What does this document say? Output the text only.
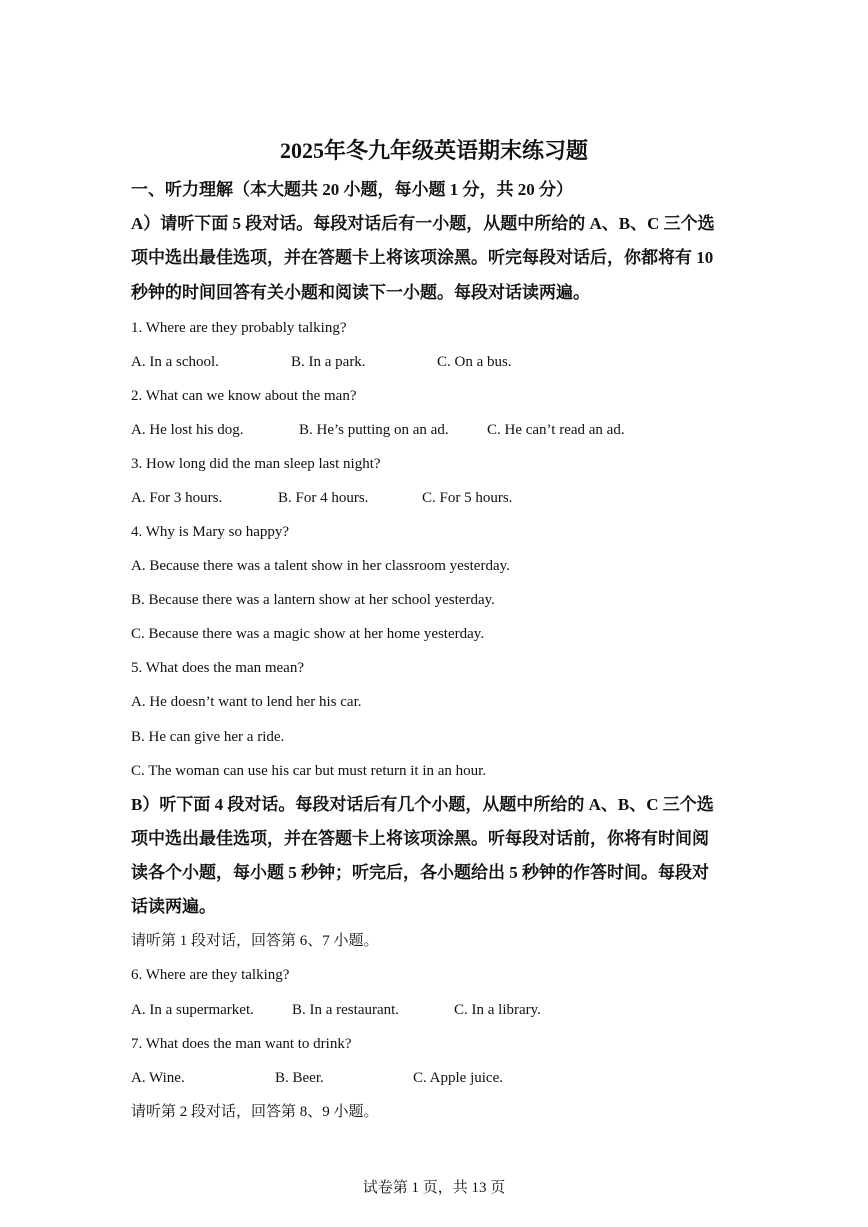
2025年冬九年级英语期末练习题
一、听力理解（本大题共 20 小题，每小题 1 分，共 20 分）
A）请听下面 5 段对话。每段对话后有一小题，从题中所给的 A、B、C 三个选
项中选出最佳选项，并在答题卡上将该项涂黑。听完每段对话后，你都将有 10
秒钟的时间回答有关小题和阅读下一小题。每段对话读两遍。
1. Where are they probably talking?
A. In a school.	B. In a park.	C. On a bus.
2. What can we know about the man?
A. He lost his dog.	B. He’s putting on an ad.	C. He can’t read an ad.
3. How long did the man sleep last night?
A. For 3 hours.	B. For 4 hours.	C. For 5 hours.
4. Why is Mary so happy?
A. Because there was a talent show in her classroom yesterday.
B. Because there was a lantern show at her school yesterday.
C. Because there was a magic show at her home yesterday.
5. What does the man mean?
A. He doesn’t want to lend her his car.
B. He can give her a ride.
C. The woman can use his car but must return it in an hour.
B）听下面 4 段对话。每段对话后有几个小题，从题中所给的 A、B、C 三个选
项中选出最佳选项，并在答题卡上将该项涂黑。听每段对话前，你将有时间阅
读各个小题，每小题 5 秒钟；听完后，各小题给出 5 秒钟的作答时间。每段对
话读两遍。
请听第 1 段对话，回答第 6、7 小题。
6. Where are they talking?
A. In a supermarket.	B. In a restaurant.	C. In a library.
7. What does the man want to drink?
A. Wine.	B. Beer.	C. Apple juice.
请听第 2 段对话，回答第 8、9 小题。
试卷第 1 页，共 13 页
